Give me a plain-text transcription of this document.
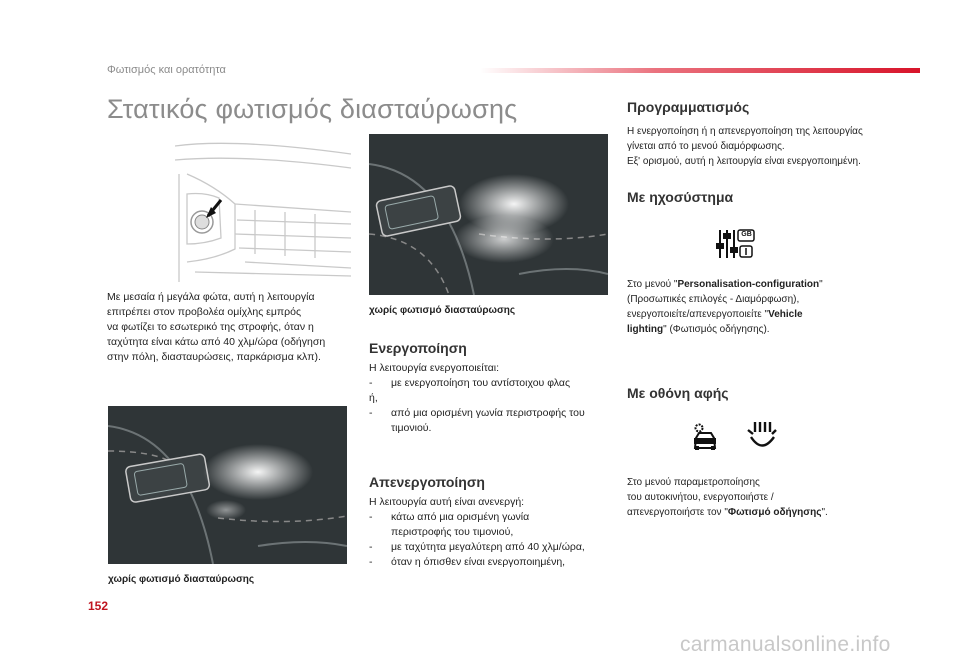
Φωτισμός και ορατότητα
Στατικός φωτισμός διασταύρωσης
Με μεσαία ή μεγάλα φώτα, αυτή η λειτουργία
επιτρέπει στον προβολέα ομίχλης εμπρός
να φωτίζει το εσωτερικό της στροφής, όταν η
ταχύτητα είναι κάτω από 40 χλμ/ώρα (οδήγηση
στην πόλη, διασταυρώσεις, παρκάρισμα κλπ).
χωρίς φωτισμό διασταύρωσης
χωρίς φωτισμό διασταύρωσης
Ενεργοποίηση
Η λειτουργία ενεργοποιείται:
- με ενεργοποίηση του αντίστοιχου φλας
ή,
- από μια ορισμένη γωνία περιστροφής του
τιμονιού.
Απενεργοποίηση
Η λειτουργία αυτή είναι ανενεργή:
- κάτω από μια ορισμένη γωνία
περιστροφής του τιμονιού,
- με ταχύτητα μεγαλύτερη από 40 χλμ/ώρα,
- όταν η όπισθεν είναι ενεργοποιημένη,
Προγραμματισμός
Η ενεργοποίηση ή η απενεργοποίηση της λειτουργίας
γίνεται από το μενού διαμόρφωσης.
Εξ' ορισμού, αυτή η λειτουργία είναι ενεργοποιημένη.
Με ηχοσύστημα
GB
Στο μενού "Personalisation-configuration"
(Προσωπικές επιλογές - Διαμόρφωση),
ενεργοποιείτε/απενεργοποιείτε "Vehicle
lighting" (Φωτισμός οδήγησης).
Με οθόνη αφής
Στο μενού παραμετροποίησης
του αυτοκινήτου, ενεργοποιήστε /
απενεργοποιήστε τον "Φωτισμό οδήγησης".
152
carmanualsonline.info
